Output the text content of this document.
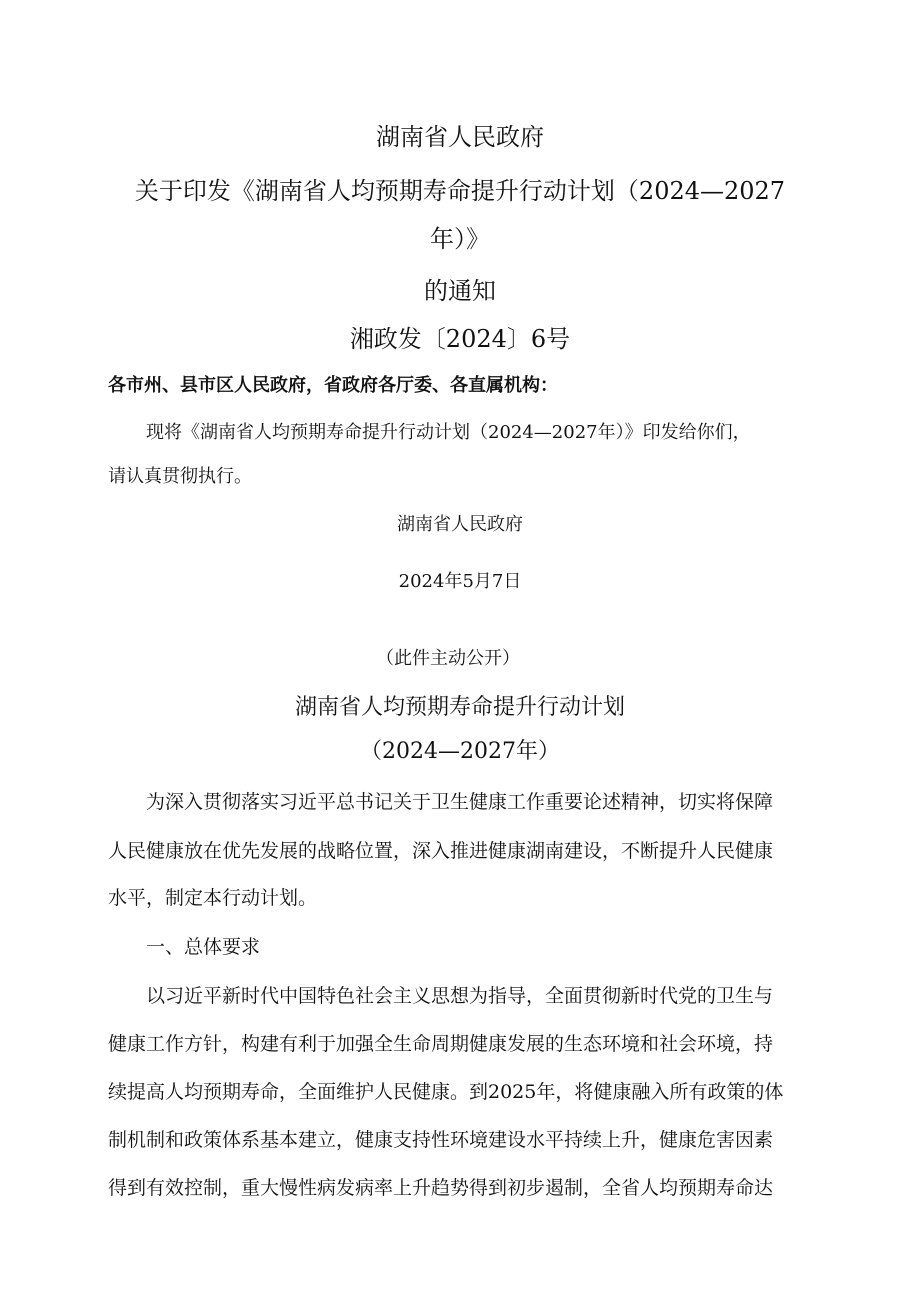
湖南省人民政府
关于印发《湖南省人均预期寿命提升行动计划（2024—2027
年）》
的通知
湘政发〔2024〕6号
各市州、县市区人民政府，省政府各厅委、各直属机构：
现将《湖南省人均预期寿命提升行动计划（2024—2027年）》印发给你们，
请认真贯彻执行。
湖南省人民政府
2024年5月7日
（此件主动公开）
湖南省人均预期寿命提升行动计划
（2024—2027年）
为深入贯彻落实习近平总书记关于卫生健康工作重要论述精神，切实将保障
人民健康放在优先发展的战略位置，深入推进健康湖南建设，不断提升人民健康
水平，制定本行动计划。
一、总体要求
以习近平新时代中国特色社会主义思想为指导，全面贯彻新时代党的卫生与
健康工作方针，构建有利于加强全生命周期健康发展的生态环境和社会环境，持
续提高人均预期寿命，全面维护人民健康。到2025年，将健康融入所有政策的体
制机制和政策体系基本建立，健康支持性环境建设水平持续上升，健康危害因素
得到有效控制，重大慢性病发病率上升趋势得到初步遏制，全省人均预期寿命达
